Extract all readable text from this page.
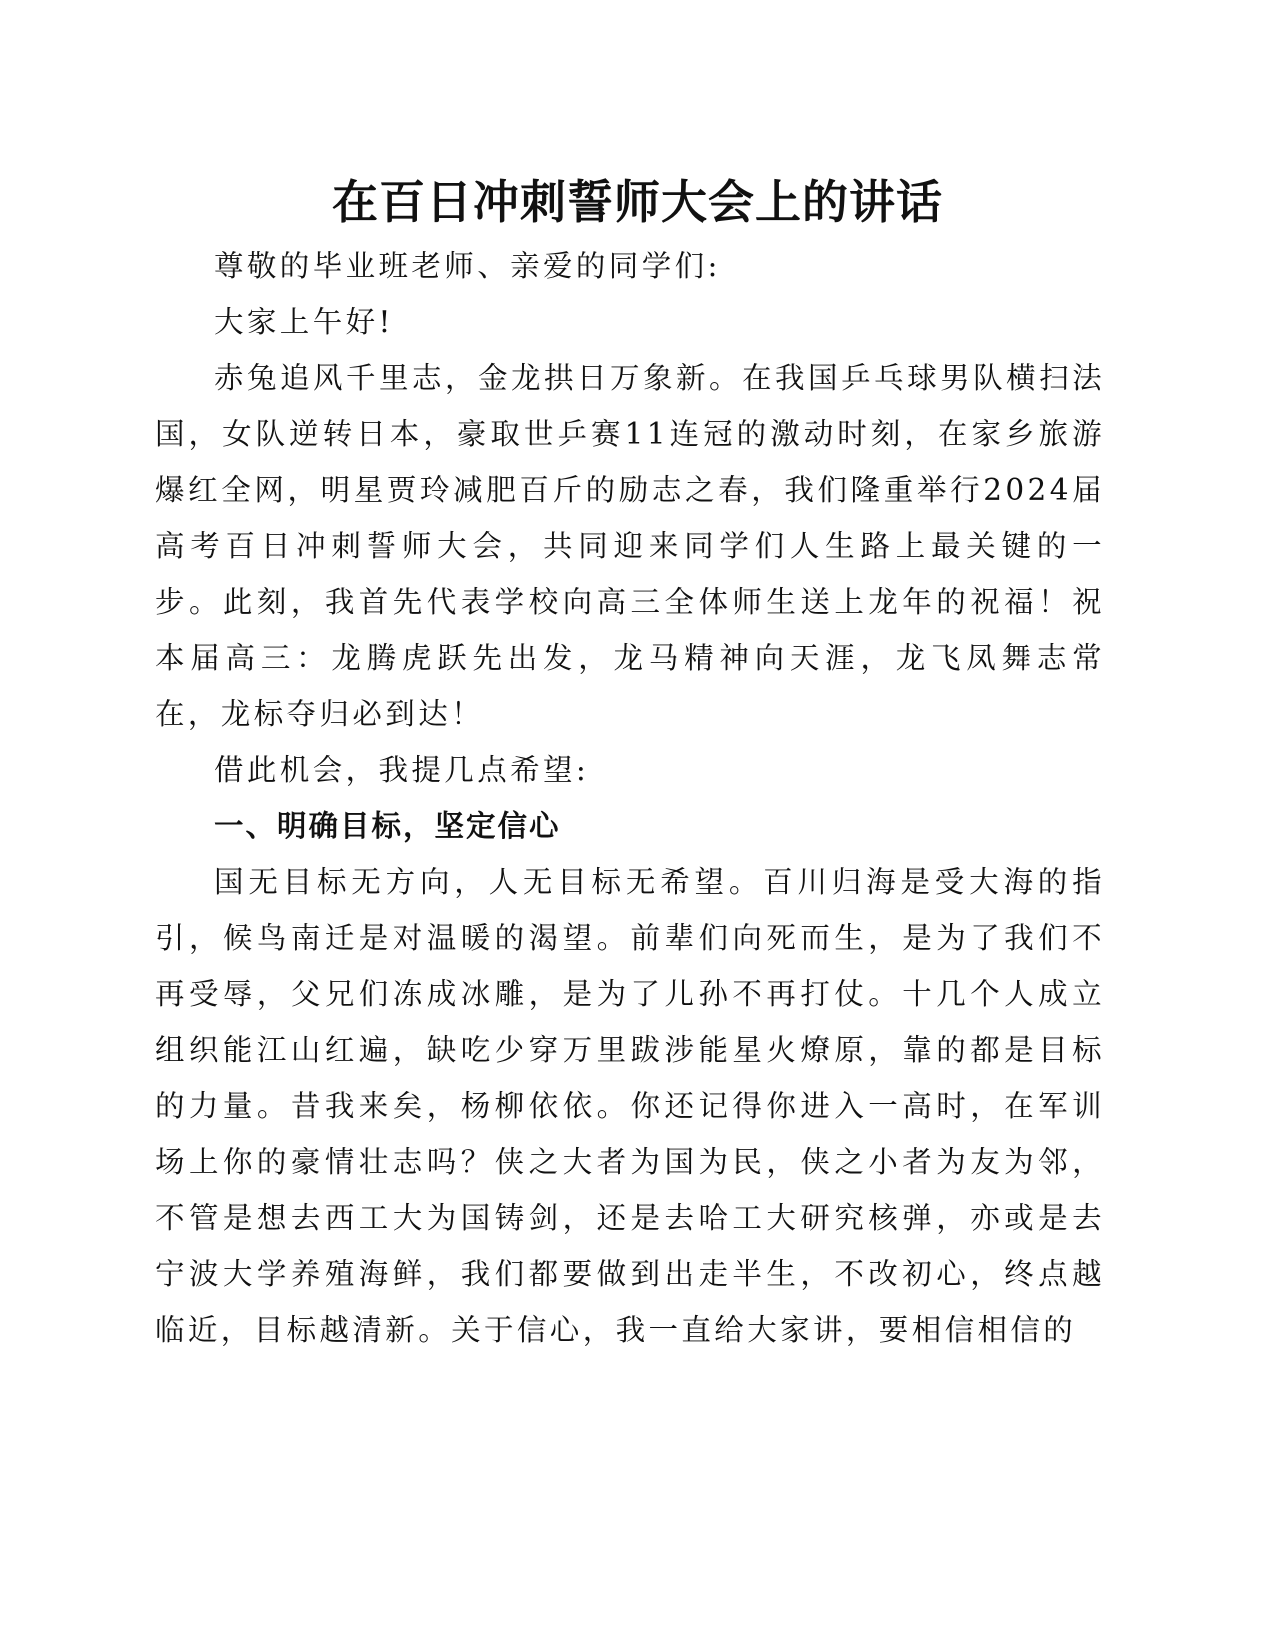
在百日冲刺誓师大会上的讲话

尊敬的毕业班老师、亲爱的同学们:

大家上午好!

赤兔追风千里志，金龙拱日万象新。在我国乒乓球男队横扫法国，女队逆转日本，豪取世乒赛11连冠的激动时刻，在家乡旅游爆红全网，明星贾玲减肥百斤的励志之春，我们隆重举行2024届高考百日冲刺誓师大会，共同迎来同学们人生路上最关键的一步。此刻，我首先代表学校向高三全体师生送上龙年的祝福！祝本届高三：龙腾虎跃先出发，龙马精神向天涯，龙飞凤舞志常在，龙标夺归必到达！

借此机会，我提几点希望:

一、明确目标，坚定信心

国无目标无方向，人无目标无希望。百川归海是受大海的指引，候鸟南迁是对温暖的渴望。前辈们向死而生，是为了我们不再受辱，父兄们冻成冰雕，是为了儿孙不再打仗。十几个人成立组织能江山红遍，缺吃少穿万里跋涉能星火燎原，靠的都是目标的力量。昔我来矣，杨柳依依。你还记得你进入一高时，在军训场上你的豪情壮志吗？侠之大者为国为民，侠之小者为友为邻，不管是想去西工大为国铸剑，还是去哈工大研究核弹，亦或是去宁波大学养殖海鲜，我们都要做到出走半生，不改初心，终点越临近，目标越清新。关于信心，我一直给大家讲，要相信相信的
